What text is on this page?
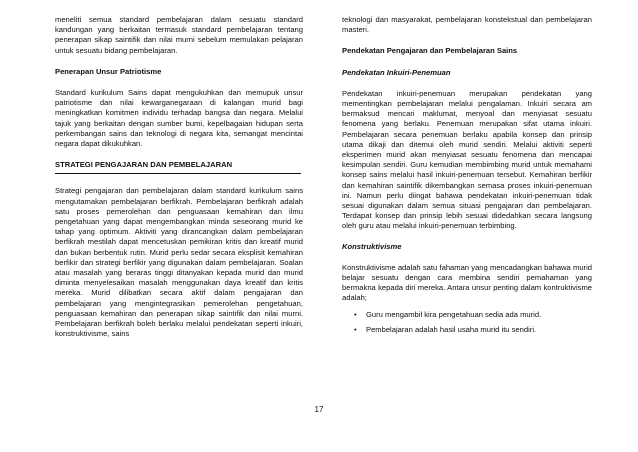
meneliti semua standard pembelajaran dalam sesuatu standard kandungan yang berkaitan termasuk standard pembelajaran tentang penerapan sikap saintifik dan nilai murni sebelum memulakan pelajaran untuk sesuatu bidang pembelajaran.

Penerapan Unsur Patriotisme

Standard kurikulum Sains dapat mengukuhkan dan memupuk unsur patriotisme dan nilai kewarganegaraan di kalangan murid bagi meningkatkan komitmen individu terhadap bangsa dan negara. Melalui tajuk yang berkaitan dengan sumber bumi, kepelbagaian hidupan serta perkembangan sains dan teknologi di negara kita, semangat mencintai negara dapat dikukuhkan.

STRATEGI PENGAJARAN DAN PEMBELAJARAN

Strategi pengajaran dan pembelajaran dalam standard kurikulum sains mengutamakan pembelajaran berfikrah. Pembelajaran berfikrah adalah satu proses pemerolehan dan penguasaan kemahiran dan ilmu pengetahuan yang dapat mengembangkan minda seseorang murid ke tahap yang optimum. Aktiviti yang dirancangkan dalam pembelajaran berfikrah mestilah dapat mencetuskan pemikiran kritis dan kreatif murid dan bukan berbentuk rutin. Murid perlu sedar secara eksplisit kemahiran berfikir dan strategi berfikir yang digunakan dalam pembelajaran. Soalan atau masalah yang beraras tinggi ditanyakan kepada murid dan murid diminta menyelesaikan masalah menggunakan daya kreatif dan kritis mereka. Murid dilibatkan secara aktif dalam pengajaran dan pembelajaran yang mengintegrasikan pemerolehan pengetahuan, penguasaan kemahiran dan penerapan sikap saintifik dan nilai murni. Pembelajaran berfikrah boleh berlaku melalui pendekatan seperti inkuiri, konstruktivisme, sains

teknologi dan masyarakat, pembelajaran konstekstual dan pembelajaran masteri.

Pendekatan Pengajaran dan Pembelajaran Sains
Pendekatan Inkuiri-Penemuan

Pendekatan inkuiri-penemuan merupakan pendekatan yang mementingkan pembelajaran melalui pengalaman. Inkuiri secara am bermaksud mencari maklumat, menyoal dan menyiasat sesuatu fenomena yang berlaku. Penemuan merupakan sifat utama inkuiri. Pembelajaran secara penemuan berlaku apabila konsep dan prinsip utama dikaji dan ditemui oleh murid sendiri. Melalui aktiviti seperti eksperimen murid akan menyiasat sesuatu fenomena dan mencapai kesimpulan sendiri. Guru kemudian membimbing murid untuk memahami konsep sains melalui hasil inkuiri-penemuan tersebut. Kemahiran berfikir dan kemahiran saintifik dikembangkan semasa proses inkuiri-penemuan ini. Namun perlu diingat bahawa pendekatan inkuiri-penemuan tidak sesuai digunakan dalam semua situasi pengajaran dan pembelajaran. Terdapat konsep dan prinsip lebih sesuai didedahkan secara langsung oleh guru atau melalui inkuiri-penemuan terbimbing.

Konstruktivisme

Konstruktivisme adalah satu fahaman yang mencadangkan bahawa murid belajar sesuatu dengan cara membina sendiri pemahaman yang bermakna kepada diri mereka. Antara unsur penting dalam kontruktivisme adalah;

• Guru mengambil kira pengetahuan sedia ada murid.
• Pembelajaran adalah hasil usaha murid itu sendiri.
17
